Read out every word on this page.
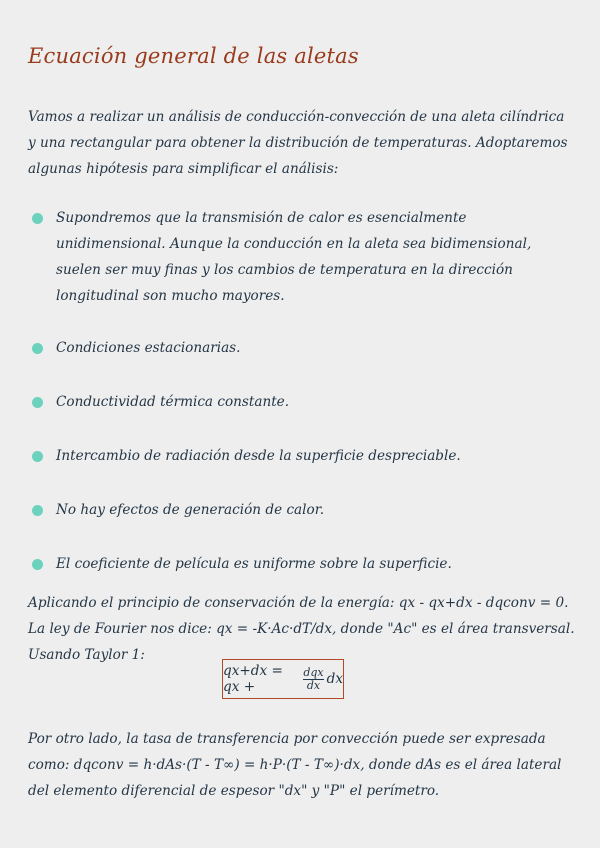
Ecuación general de las aletas
Vamos a realizar un análisis de conducción-convección de una aleta cilíndrica y una rectangular para obtener la distribución de temperaturas. Adoptaremos algunas hipótesis para simplificar el análisis:
Supondremos que la transmisión de calor es esencialmente unidimensional. Aunque la conducción en la aleta sea bidimensional, suelen ser muy finas y los cambios de temperatura en la dirección longitudinal son mucho mayores.
Condiciones estacionarias.
Conductividad térmica constante.
Intercambio de radiación desde la superficie despreciable.
No hay efectos de generación de calor.
El coeficiente de película es uniforme sobre la superficie.
Aplicando el principio de conservación de la energía: qx - qx+dx - dqconv = 0. La ley de Fourier nos dice: qx = -K·Ac·dT/dx, donde "Ac" es el área transversal. Usando Taylor 1:
qx+dx = qx +	$\frac{\text{dqx}}{dx}$ dx
Por otro lado, la tasa de transferencia por convección puede ser expresada como: dqconv = h·dAs·(T - T∞) = h·P·(T - T∞)·dx, donde dAs es el área lateral del elemento diferencial de espesor "dx" y "P" el perímetro.
